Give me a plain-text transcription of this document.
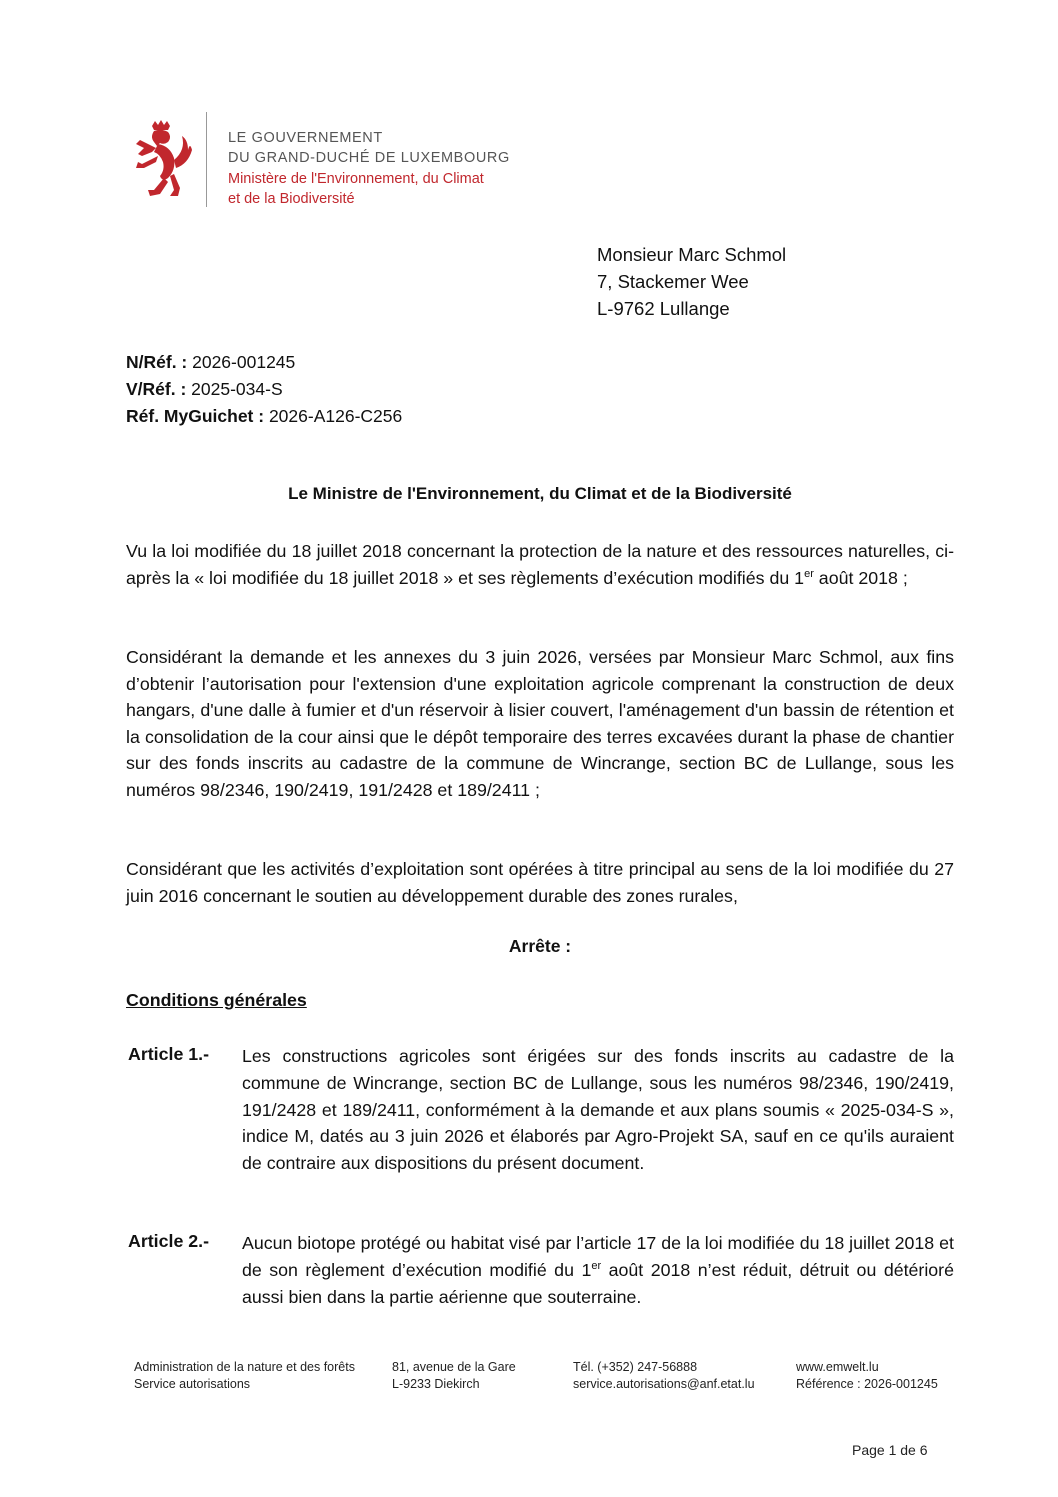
LE GOUVERNEMENT
DU GRAND-DUCHÉ DE LUXEMBOURG
Ministère de l'Environnement, du Climat
et de la Biodiversité
Monsieur Marc Schmol
7, Stackemer Wee
L-9762 Lullange
N/Réf. : 2026-001245
V/Réf. : 2025-034-S
Réf. MyGuichet : 2026-A126-C256
Le Ministre de l'Environnement, du Climat et de la Biodiversité
Vu la loi modifiée du 18 juillet 2018 concernant la protection de la nature et des ressources naturelles, ci-après la « loi modifiée du 18 juillet 2018 » et ses règlements d’exécution modifiés du 1er août 2018 ;
Considérant la demande et les annexes du 3 juin 2026, versées par Monsieur Marc Schmol, aux fins d’obtenir l’autorisation pour l'extension d'une exploitation agricole comprenant la construction de deux hangars, d'une dalle à fumier et d'un réservoir à lisier couvert, l'aménagement d'un bassin de rétention et la consolidation de la cour ainsi que le dépôt temporaire des terres excavées durant la phase de chantier sur des fonds inscrits au cadastre de la commune de Wincrange, section BC de Lullange, sous les numéros 98/2346, 190/2419, 191/2428 et 189/2411 ;
Considérant que les activités d’exploitation sont opérées à titre principal au sens de la loi modifiée du 27 juin 2016 concernant le soutien au développement durable des zones rurales,
Arrête :
Conditions générales
Article 1.- Les constructions agricoles sont érigées sur des fonds inscrits au cadastre de la commune de Wincrange, section BC de Lullange, sous les numéros 98/2346, 190/2419, 191/2428 et 189/2411, conformément à la demande et aux plans soumis « 2025-034-S », indice M, datés au 3 juin 2026 et élaborés par Agro-Projekt SA, sauf en ce qu'ils auraient de contraire aux dispositions du présent document.
Article 2.- Aucun biotope protégé ou habitat visé par l’article 17 de la loi modifiée du 18 juillet 2018 et de son règlement d’exécution modifié du 1er août 2018 n’est réduit, détruit ou détérioré aussi bien dans la partie aérienne que souterraine.
Administration de la nature et des forêts
Service autorisations
81, avenue de la Gare
L-9233 Diekirch
Tél. (+352) 247-56888
service.autorisations@anf.etat.lu
www.emwelt.lu
Référence : 2026-001245
Page 1 de 6
